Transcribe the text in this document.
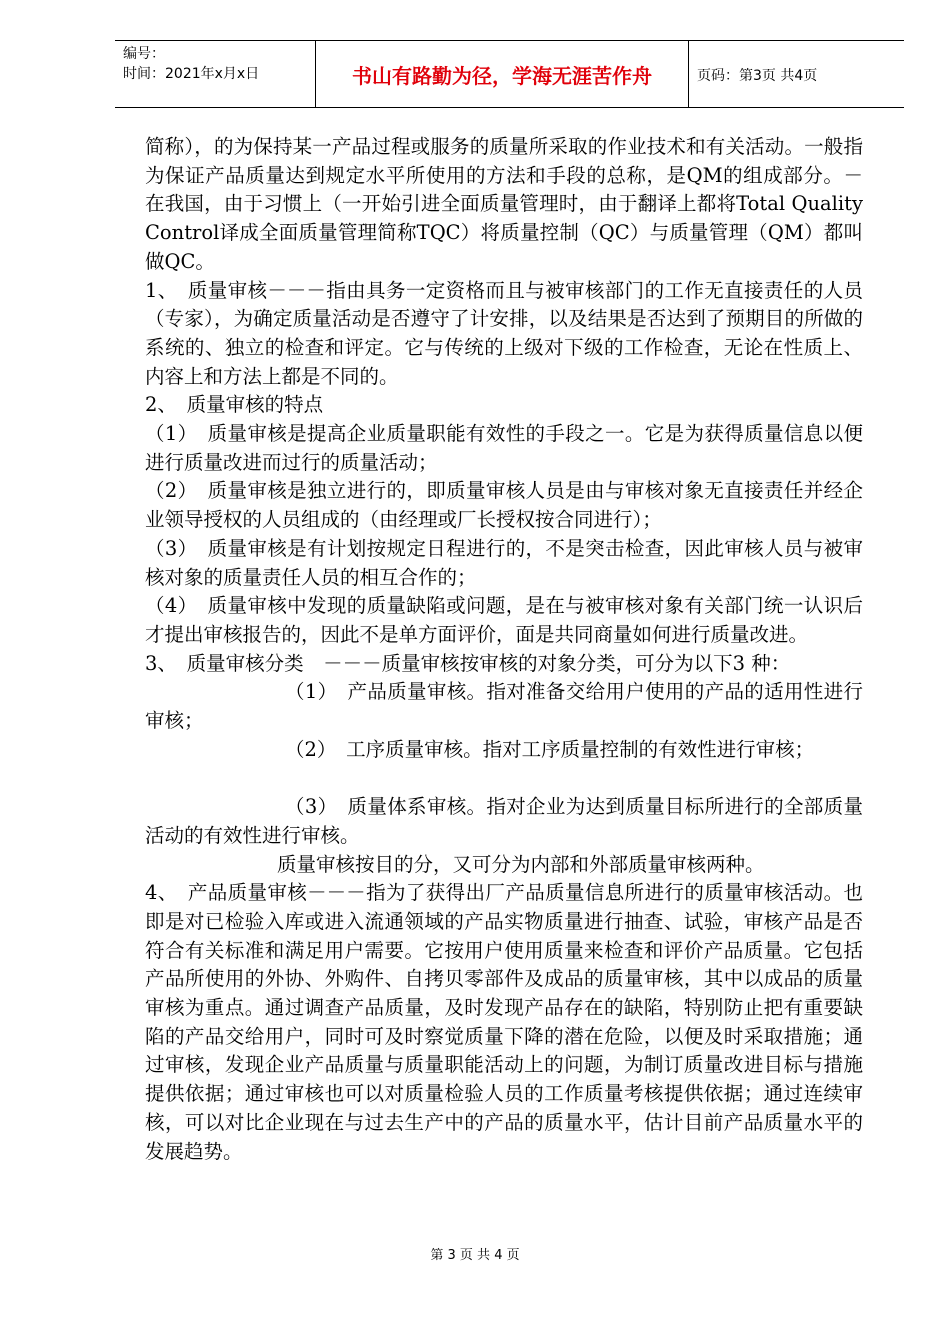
编号：
时间：2021年x月x日	书山有路勤为径，学海无涯苦作舟	页码：第3页 共4页

简称），的为保持某一产品过程或服务的质量所采取的作业技术和有关活动。一般指为保证产品质量达到规定水平所使用的方法和手段的总称，是QM的组成部分。－在我国，由于习惯上（一开始引进全面质量管理时，由于翻译上都将Total Quality Control译成全面质量管理简称TQC）将质量控制（QC）与质量管理（QM）都叫做QC。

1、　质量审核－－－指由具务一定资格而且与被审核部门的工作无直接责任的人员（专家），为确定质量活动是否遵守了计安排，以及结果是否达到了预期目的所做的系统的、独立的检查和评定。它与传统的上级对下级的工作检查，无论在性质上、内容上和方法上都是不同的。

2、　质量审核的特点

（1）　质量审核是提高企业质量职能有效性的手段之一。它是为获得质量信息以便进行质量改进而过行的质量活动；

（2）　质量审核是独立进行的，即质量审核人员是由与审核对象无直接责任并经企业领导授权的人员组成的（由经理或厂长授权按合同进行）；

（3）　质量审核是有计划按规定日程进行的，不是突击检查，因此审核人员与被审核对象的质量责任人员的相互合作的；

（4）　质量审核中发现的质量缺陷或问题，是在与被审核对象有关部门统一认识后才提出审核报告的，因此不是单方面评价，面是共同商量如何进行质量改进。

3、　质量审核分类　－－－质量审核按审核的对象分类，可分为以下3 种：

（1）　产品质量审核。指对准备交给用户使用的产品的适用性进行审核；

（2）　工序质量审核。指对工序质量控制的有效性进行审核；

（3）　质量体系审核。指对企业为达到质量目标所进行的全部质量活动的有效性进行审核。

质量审核按目的分，又可分为内部和外部质量审核两种。

4、　产品质量审核－－－指为了获得出厂产品质量信息所进行的质量审核活动。也即是对已检验入库或进入流通领域的产品实物质量进行抽查、试验，审核产品是否符合有关标准和满足用户需要。它按用户使用质量来检查和评价产品质量。它包括产品所使用的外协、外购件、自拷贝零部件及成品的质量审核，其中以成品的质量审核为重点。通过调查产品质量，及时发现产品存在的缺陷，特别防止把有重要缺陷的产品交给用户，同时可及时察觉质量下降的潜在危险，以便及时采取措施；通过审核，发现企业产品质量与质量职能活动上的问题，为制订质量改进目标与措施提供依据；通过审核也可以对质量检验人员的工作质量考核提供依据；通过连续审核，可以对比企业现在与过去生产中的产品的质量水平，估计目前产品质量水平的发展趋势。

第 3 页 共 4 页
